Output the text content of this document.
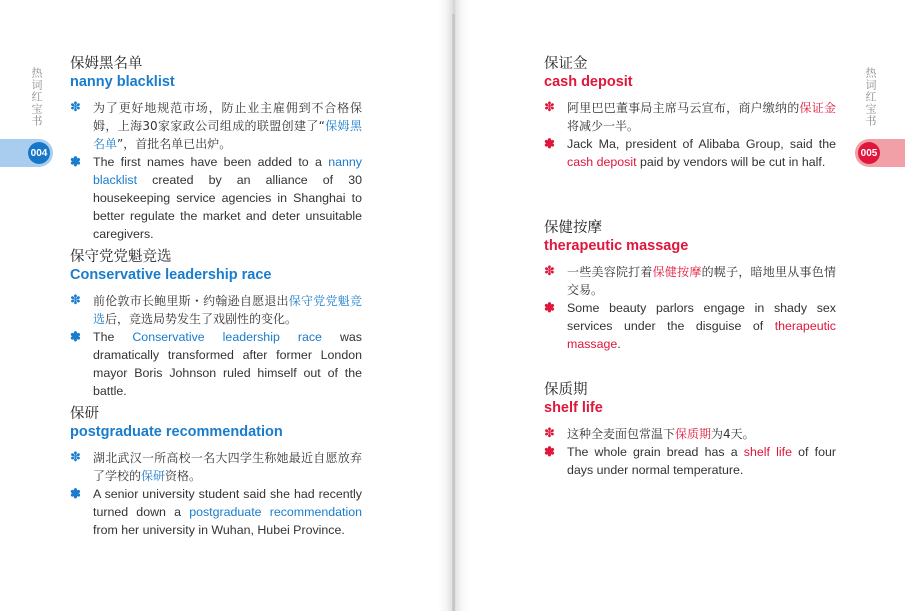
热词红宝书
004
保姆黑名单
nanny blacklist
✽ 为了更好地规范市场，防止业主雇佣到不合格保姆，上海30家家政公司组成的联盟创建了“保姆黑名单”，首批名单已出炉。
✽ The first names have been added to a nanny blacklist created by an alliance of 30 housekeeping service agencies in Shanghai to better regulate the market and deter unsuitable caregivers.
保守党党魁竞选
Conservative leadership race
✽ 前伦敦市长鲍里斯・约翰逊自愿退出保守党党魁竞选后，竞选局势发生了戏剧性的变化。
✽ The Conservative leadership race was dramatically transformed after former London mayor Boris Johnson ruled himself out of the battle.
保研
postgraduate recommendation
✽ 湖北武汉一所高校一名大四学生称她最近自愿放弃了学校的保研资格。
✽ A senior university student said she had recently turned down a postgraduate recommendation from her university in Wuhan, Hubei Province.
热词红宝书
005
保证金
cash deposit
✽ 阿里巴巴董事局主席马云宣布，商户缴纳的保证金将减少一半。
✽ Jack Ma, president of Alibaba Group, said the cash deposit paid by vendors will be cut in half.
保健按摩
therapeutic massage
✽ 一些美容院打着保健按摩的幌子，暗地里从事色情交易。
✽ Some beauty parlors engage in shady sex services under the disguise of therapeutic massage.
保质期
shelf life
✽ 这种全麦面包常温下保质期为4天。
✽ The whole grain bread has a shelf life of four days under normal temperature.
